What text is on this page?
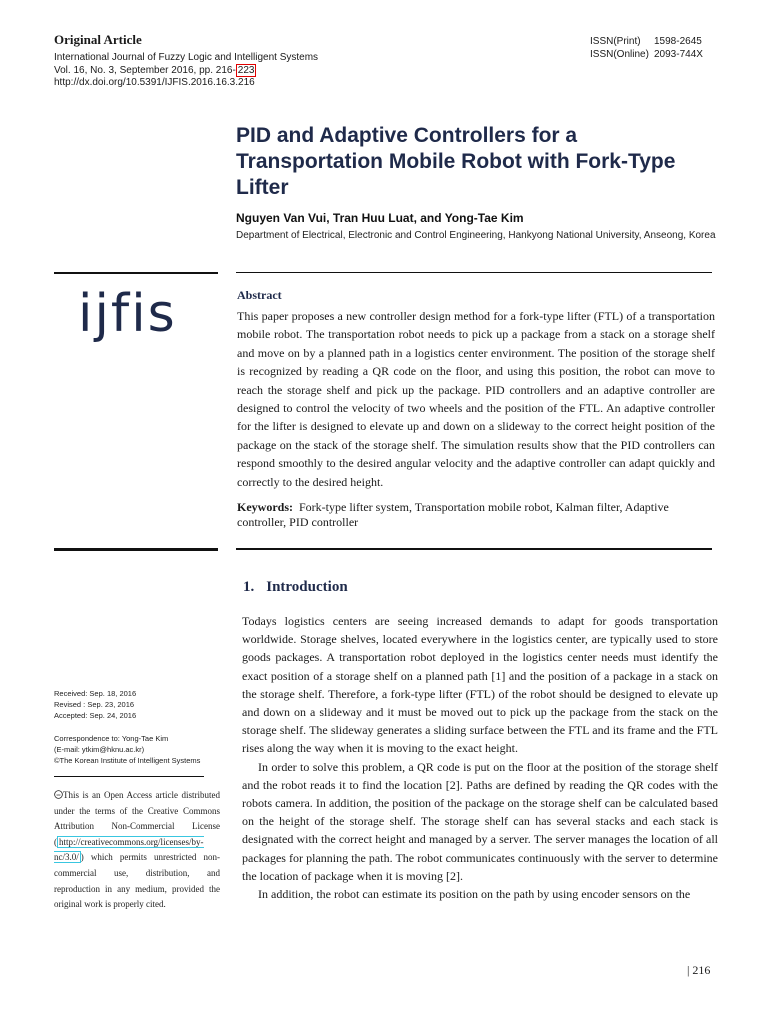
Original Article
International Journal of Fuzzy Logic and Intelligent Systems
Vol. 16, No. 3, September 2016, pp. 216- 223
http://dx.doi.org/10.5391/IJFIS.2016.16.3.216
ISSN(Print) 1598-2645
ISSN(Online) 2093-744X
PID and Adaptive Controllers for a Transportation Mobile Robot with Fork-Type Lifter
Nguyen Van Vui, Tran Huu Luat, and Yong-Tae Kim
Department of Electrical, Electronic and Control Engineering, Hankyong National University, Anseong, Korea
ijfis	Abstract

This paper proposes a new controller design method for a fork-type lifter (FTL) of a transportation mobile robot. The transportation robot needs to pick up a package from a stack on a storage shelf and move on by a planned path in a logistics center environment. The position of the storage shelf is recognized by reading a QR code on the floor, and using this position, the robot can move to reach the storage shelf and pick up the package. PID controllers and an adaptive controller are designed to control the velocity of two wheels and the position of the FTL. An adaptive controller for the lifter is designed to elevate up and down on a slideway to the correct height position of the package on the stack of the storage shelf. The simulation results show that the PID controllers can respond smoothly to the desired angular velocity and the adaptive controller can adapt quickly and correctly to the desired height.

Keywords: Fork-type lifter system, Transportation mobile robot, Kalman filter, Adaptive controller, PID controller
1. Introduction

Todays logistics centers are seeing increased demands to adapt for goods transportation worldwide. Storage shelves, located everywhere in the logistics center, are typically used to store goods packages. A transportation robot deployed in the logistics center needs must identify the exact position of a storage shelf on a planned path [1] and the position of a package in a stack on the storage shelf. Therefore, a fork-type lifter (FTL) of the robot should be designed to elevate up and down on a slideway and it must be moved out to pick up the package from the stack on the storage shelf. The slideway generates a sliding surface between the FTL and its frame and the FTL rises along the way when it is moving to the exact height.

In order to solve this problem, a QR code is put on the floor at the position of the storage shelf and the robot reads it to find the location [2]. Paths are defined by reading the QR codes with the robots camera. In addition, the position of the package on the storage shelf can be calculated based on the height of the storage shelf. The storage shelf can has several stacks and each stack is designated with the correct height and managed by a server. The server manages the location of all packages for planning the path. The robot communicates continuously with the server to determine the location of package when it is moving [2].

In addition, the robot can estimate its position on the path by using encoder sensors on the

Received: Sep. 18, 2016
Revised : Sep. 23, 2016
Accepted: Sep. 24, 2016
Correspondence to: Yong-Tae Kim
(E-mail: ytkim@hknu.ac.kr)
©The Korean Institute of Intelligent Systems
cc This is an Open Access article distributed under the terms of the Creative Commons Attribution Non-Commercial License ( http://creativecommons.org/licenses/by-nc/3.0/ ) which permits unrestricted non-commercial use, distribution, and reproduction in any medium, provided the original work is properly cited.
| 216
